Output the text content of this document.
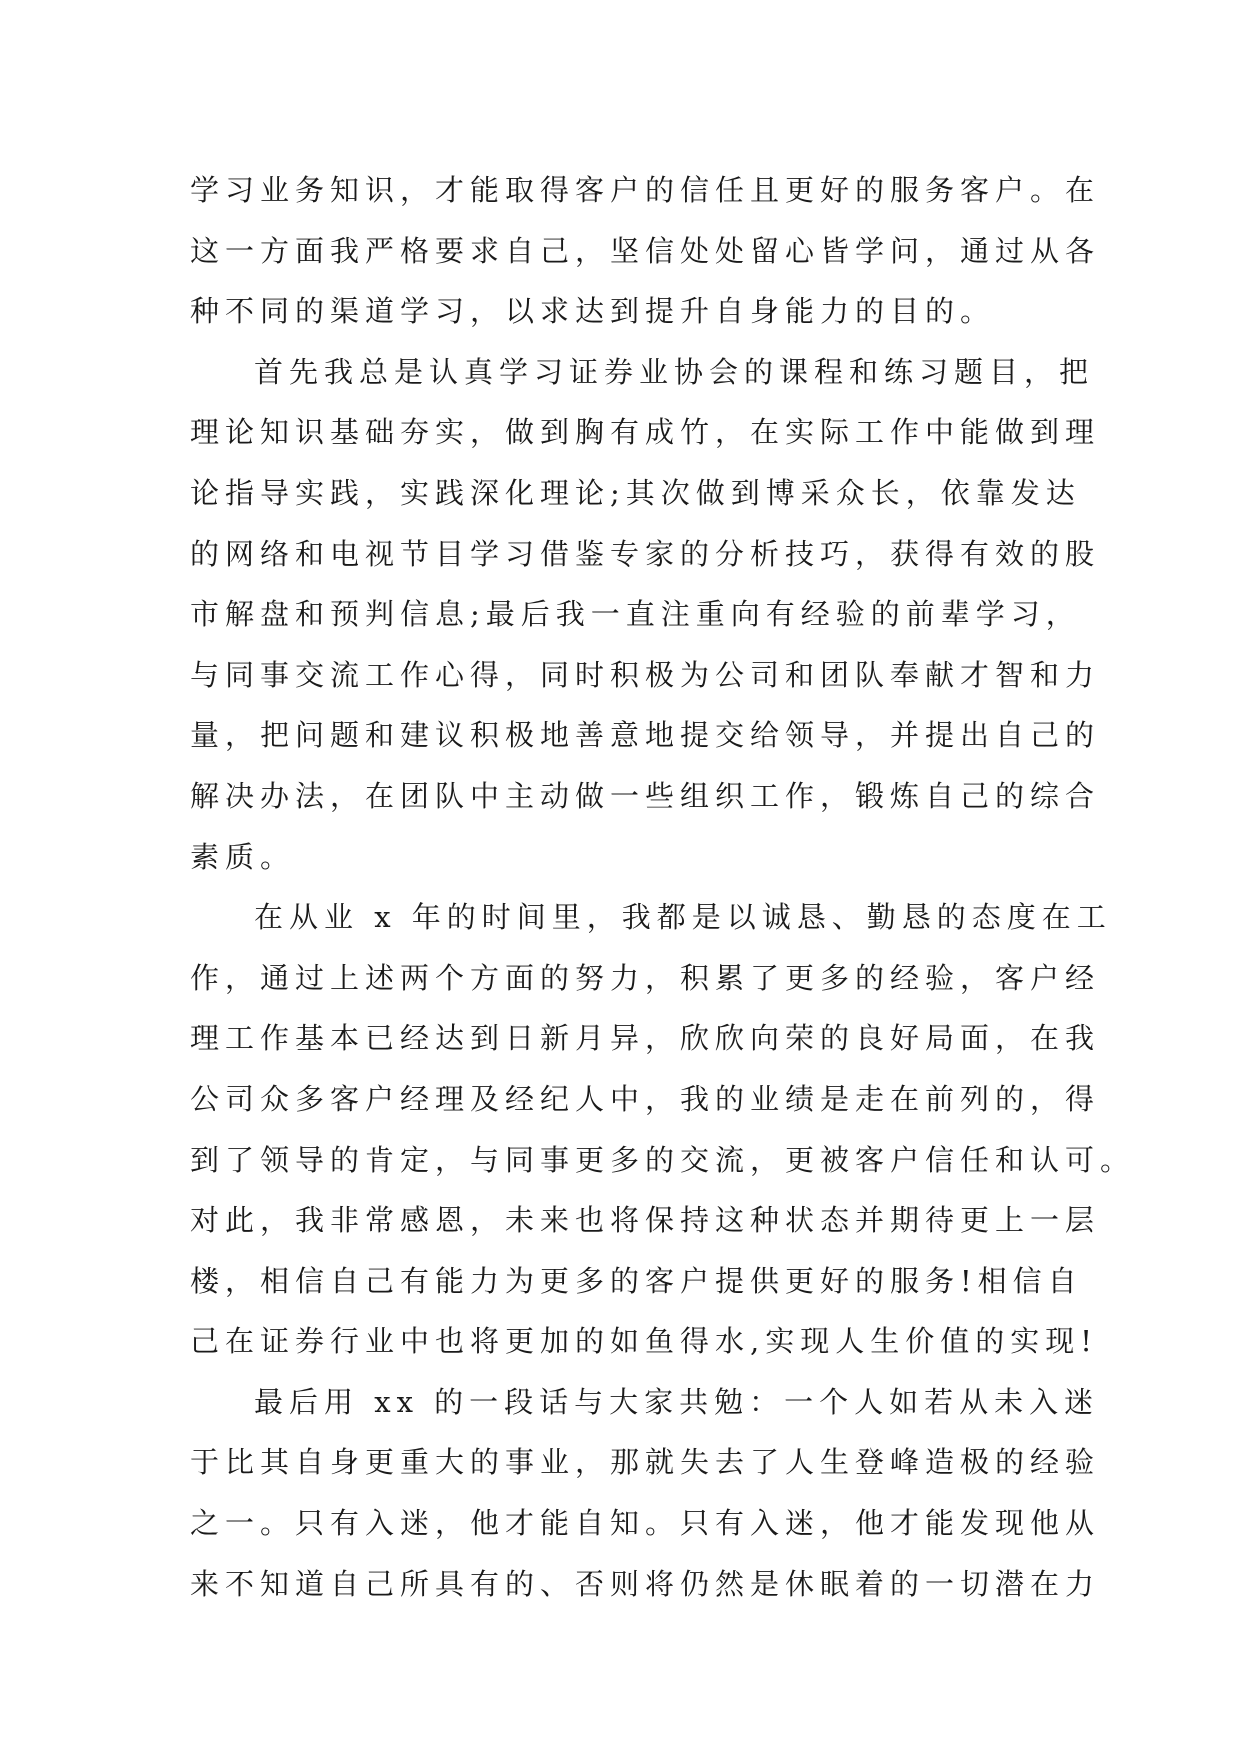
学习业务知识，才能取得客户的信任且更好的服务客户。在
这一方面我严格要求自己，坚信处处留心皆学问，通过从各
种不同的渠道学习，以求达到提升自身能力的目的。

首先我总是认真学习证券业协会的课程和练习题目，把
理论知识基础夯实，做到胸有成竹，在实际工作中能做到理
论指导实践，实践深化理论;其次做到博采众长，依靠发达
的网络和电视节目学习借鉴专家的分析技巧，获得有效的股
市解盘和预判信息;最后我一直注重向有经验的前辈学习，
与同事交流工作心得，同时积极为公司和团队奉献才智和力
量，把问题和建议积极地善意地提交给领导，并提出自己的
解决办法，在团队中主动做一些组织工作，锻炼自己的综合
素质。

在从业 x 年的时间里，我都是以诚恳、勤恳的态度在工
作，通过上述两个方面的努力，积累了更多的经验，客户经
理工作基本已经达到日新月异，欣欣向荣的良好局面，在我
公司众多客户经理及经纪人中，我的业绩是走在前列的，得
到了领导的肯定，与同事更多的交流，更被客户信任和认可。
对此，我非常感恩，未来也将保持这种状态并期待更上一层
楼，相信自己有能力为更多的客户提供更好的服务!相信自
己在证券行业中也将更加的如鱼得水,实现人生价值的实现!

最后用 xx 的一段话与大家共勉：一个人如若从未入迷
于比其自身更重大的事业，那就失去了人生登峰造极的经验
之一。只有入迷，他才能自知。只有入迷，他才能发现他从
来不知道自己所具有的、否则将仍然是休眠着的一切潜在力
